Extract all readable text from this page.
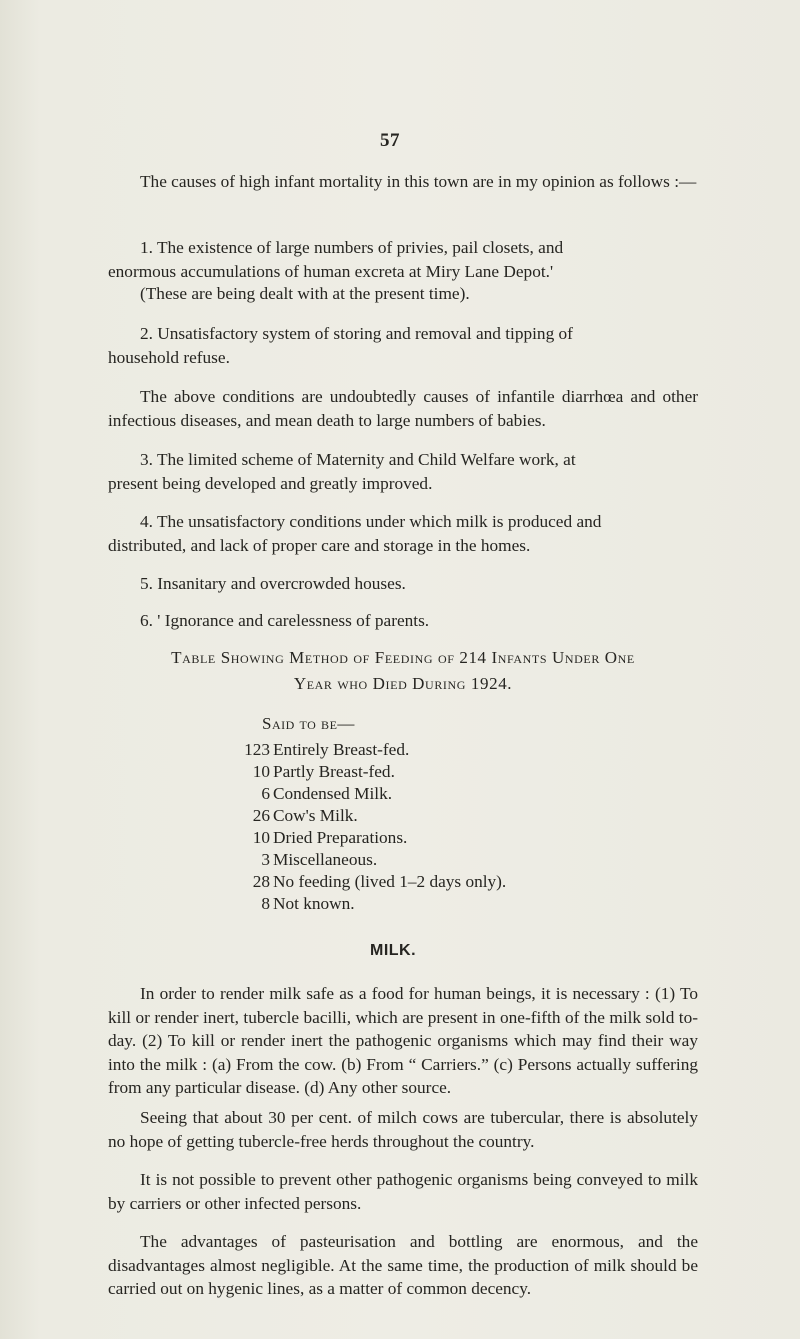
57
The causes of high infant mortality in this town are in my opinion as follows :—
1. The existence of large numbers of privies, pail closets, and
enormous accumulations of human excreta at Miry Lane Depot.'
(These are being dealt with at the present time).
2. Unsatisfactory system of storing and removal and tipping of
household refuse.
The above conditions are undoubtedly causes of infantile diarrhœa and other infectious diseases, and mean death to large numbers of babies.
3. The limited scheme of Maternity and Child Welfare work, at
present being developed and greatly improved.
4. The unsatisfactory conditions under which milk is produced and
distributed, and lack of proper care and storage in the homes.
5. Insanitary and overcrowded houses.
6. ' Ignorance and carelessness of parents.
Table Showing Method of Feeding of 214 Infants Under One
Year who Died During 1924.
Said to be—
123 Entirely Breast-fed.
10 Partly Breast-fed.
6 Condensed Milk.
26 Cow's Milk.
10 Dried Preparations.
3 Miscellaneous.
28 No feeding (lived 1–2 days only).
8 Not known.
MILK.
In order to render milk safe as a food for human beings, it is necessary : (1) To kill or render inert, tubercle bacilli, which are present in one-fifth of the milk sold to-day. (2) To kill or render inert the pathogenic organisms which may find their way into the milk : (a) From the cow. (b) From “ Carriers.” (c) Persons actually suffering from any particular disease. (d) Any other source.
Seeing that about 30 per cent. of milch cows are tubercular, there is absolutely no hope of getting tubercle-free herds throughout the country.
It is not possible to prevent other pathogenic organisms being conveyed to milk by carriers or other infected persons.
The advantages of pasteurisation and bottling are enormous, and the disadvantages almost negligible. At the same time, the production of milk should be carried out on hygenic lines, as a matter of common decency.
